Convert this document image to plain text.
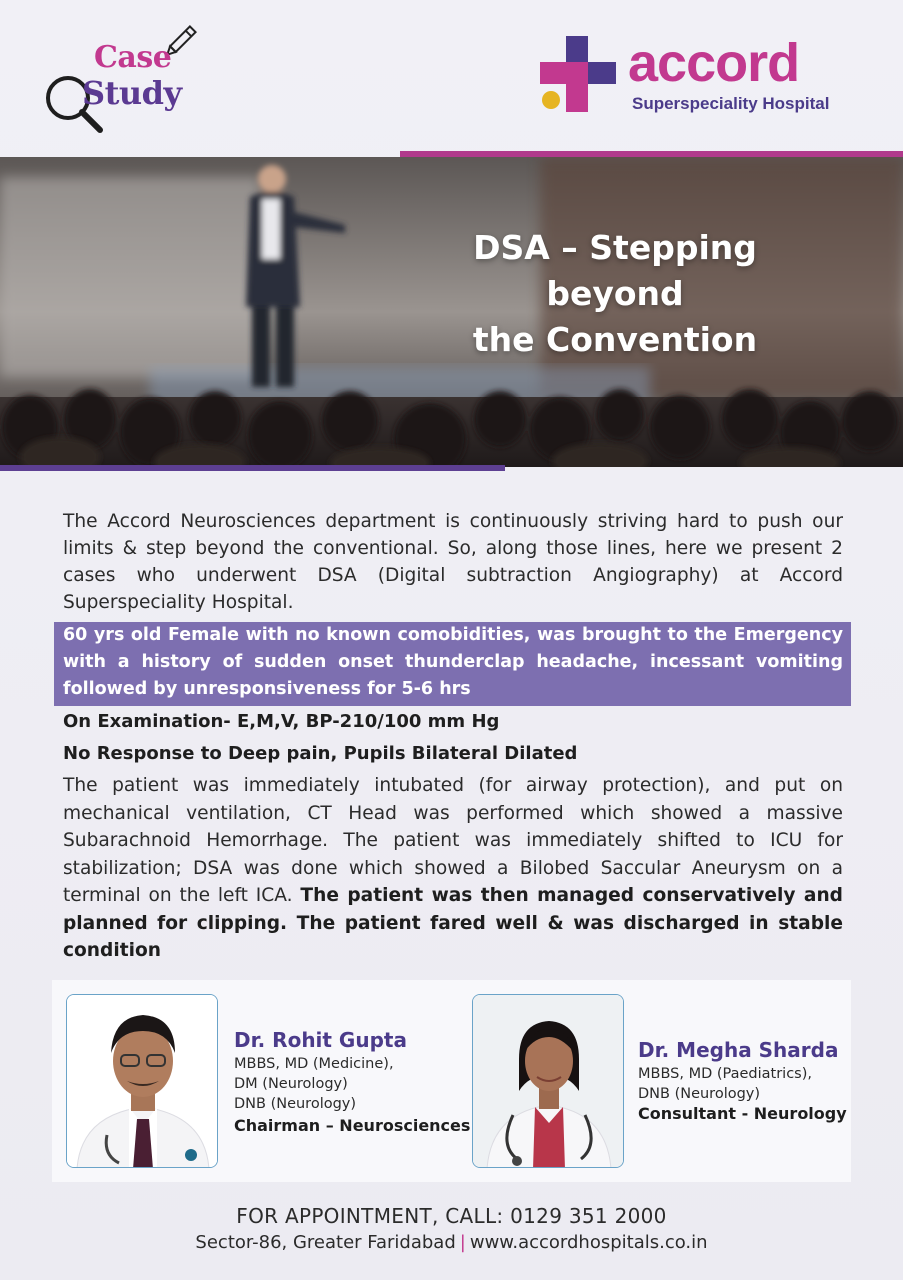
Case
Study	accord
Superspeciality Hospital
DSA – Stepping beyond
the Convention

The Accord Neurosciences department is continuously striving hard to push our limits & step beyond the conventional. So, along those lines, here we present 2 cases who underwent DSA (Digital subtraction Angiography) at Accord Superspeciality Hospital.

60 yrs old Female with no known comobidities, was brought to the Emergency with a history of sudden onset thunderclap headache, incessant vomiting followed by unresponsiveness for 5-6 hrs

On Examination- E,M,V, BP-210/100 mm Hg

No Response to Deep pain, Pupils Bilateral Dilated

The patient was immediately intubated (for airway protection), and put on mechanical ventilation, CT Head was performed which showed a massive Subarachnoid Hemorrhage. The patient was immediately shifted to ICU for stabilization; DSA was done which showed a Bilobed Saccular Aneurysm on a terminal on the left ICA. The patient was then managed conservatively and planned for clipping. The patient fared well & was discharged in stable condition

Dr. Rohit Gupta
MBBS, MD (Medicine),
DM (Neurology)
DNB (Neurology)
Chairman – Neurosciences
Dr. Megha Sharda
MBBS, MD (Paediatrics),
DNB (Neurology)
Consultant - Neurology
FOR APPOINTMENT, CALL: 0129 351 2000
Sector-86, Greater Faridabad | www.accordhospitals.co.in
